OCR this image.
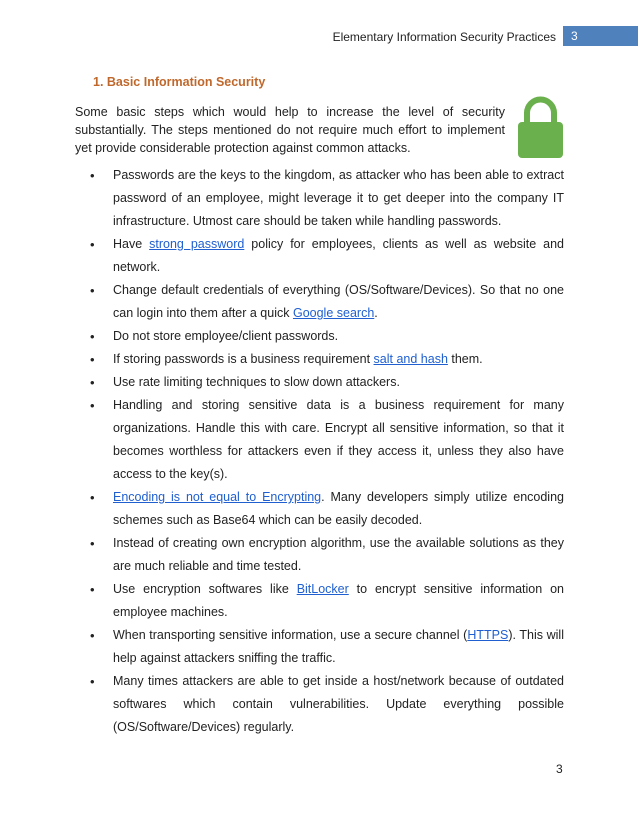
Elementary Information Security Practices	3
1. Basic Information Security
Some basic steps which would help to increase the level of security substantially. The steps mentioned do not require much effort to implement yet provide considerable protection against common attacks.
• Passwords are the keys to the kingdom, as attacker who has been able to extract password of an employee, might leverage it to get deeper into the company IT infrastructure. Utmost care should be taken while handling passwords.
• Have strong password policy for employees, clients as well as website and network.
• Change default credentials of everything (OS/Software/Devices). So that no one can login into them after a quick Google search.
• Do not store employee/client passwords.
• If storing passwords is a business requirement salt and hash them.
• Use rate limiting techniques to slow down attackers.
• Handling and storing sensitive data is a business requirement for many organizations. Handle this with care. Encrypt all sensitive information, so that it becomes worthless for attackers even if they access it, unless they also have access to the key(s).
• Encoding is not equal to Encrypting. Many developers simply utilize encoding schemes such as Base64 which can be easily decoded.
• Instead of creating own encryption algorithm, use the available solutions as they are much reliable and time tested.
• Use encryption softwares like BitLocker to encrypt sensitive information on employee machines.
• When transporting sensitive information, use a secure channel (HTTPS). This will help against attackers sniffing the traffic.
• Many times attackers are able to get inside a host/network because of outdated softwares which contain vulnerabilities. Update everything possible (OS/Software/Devices) regularly.
3
